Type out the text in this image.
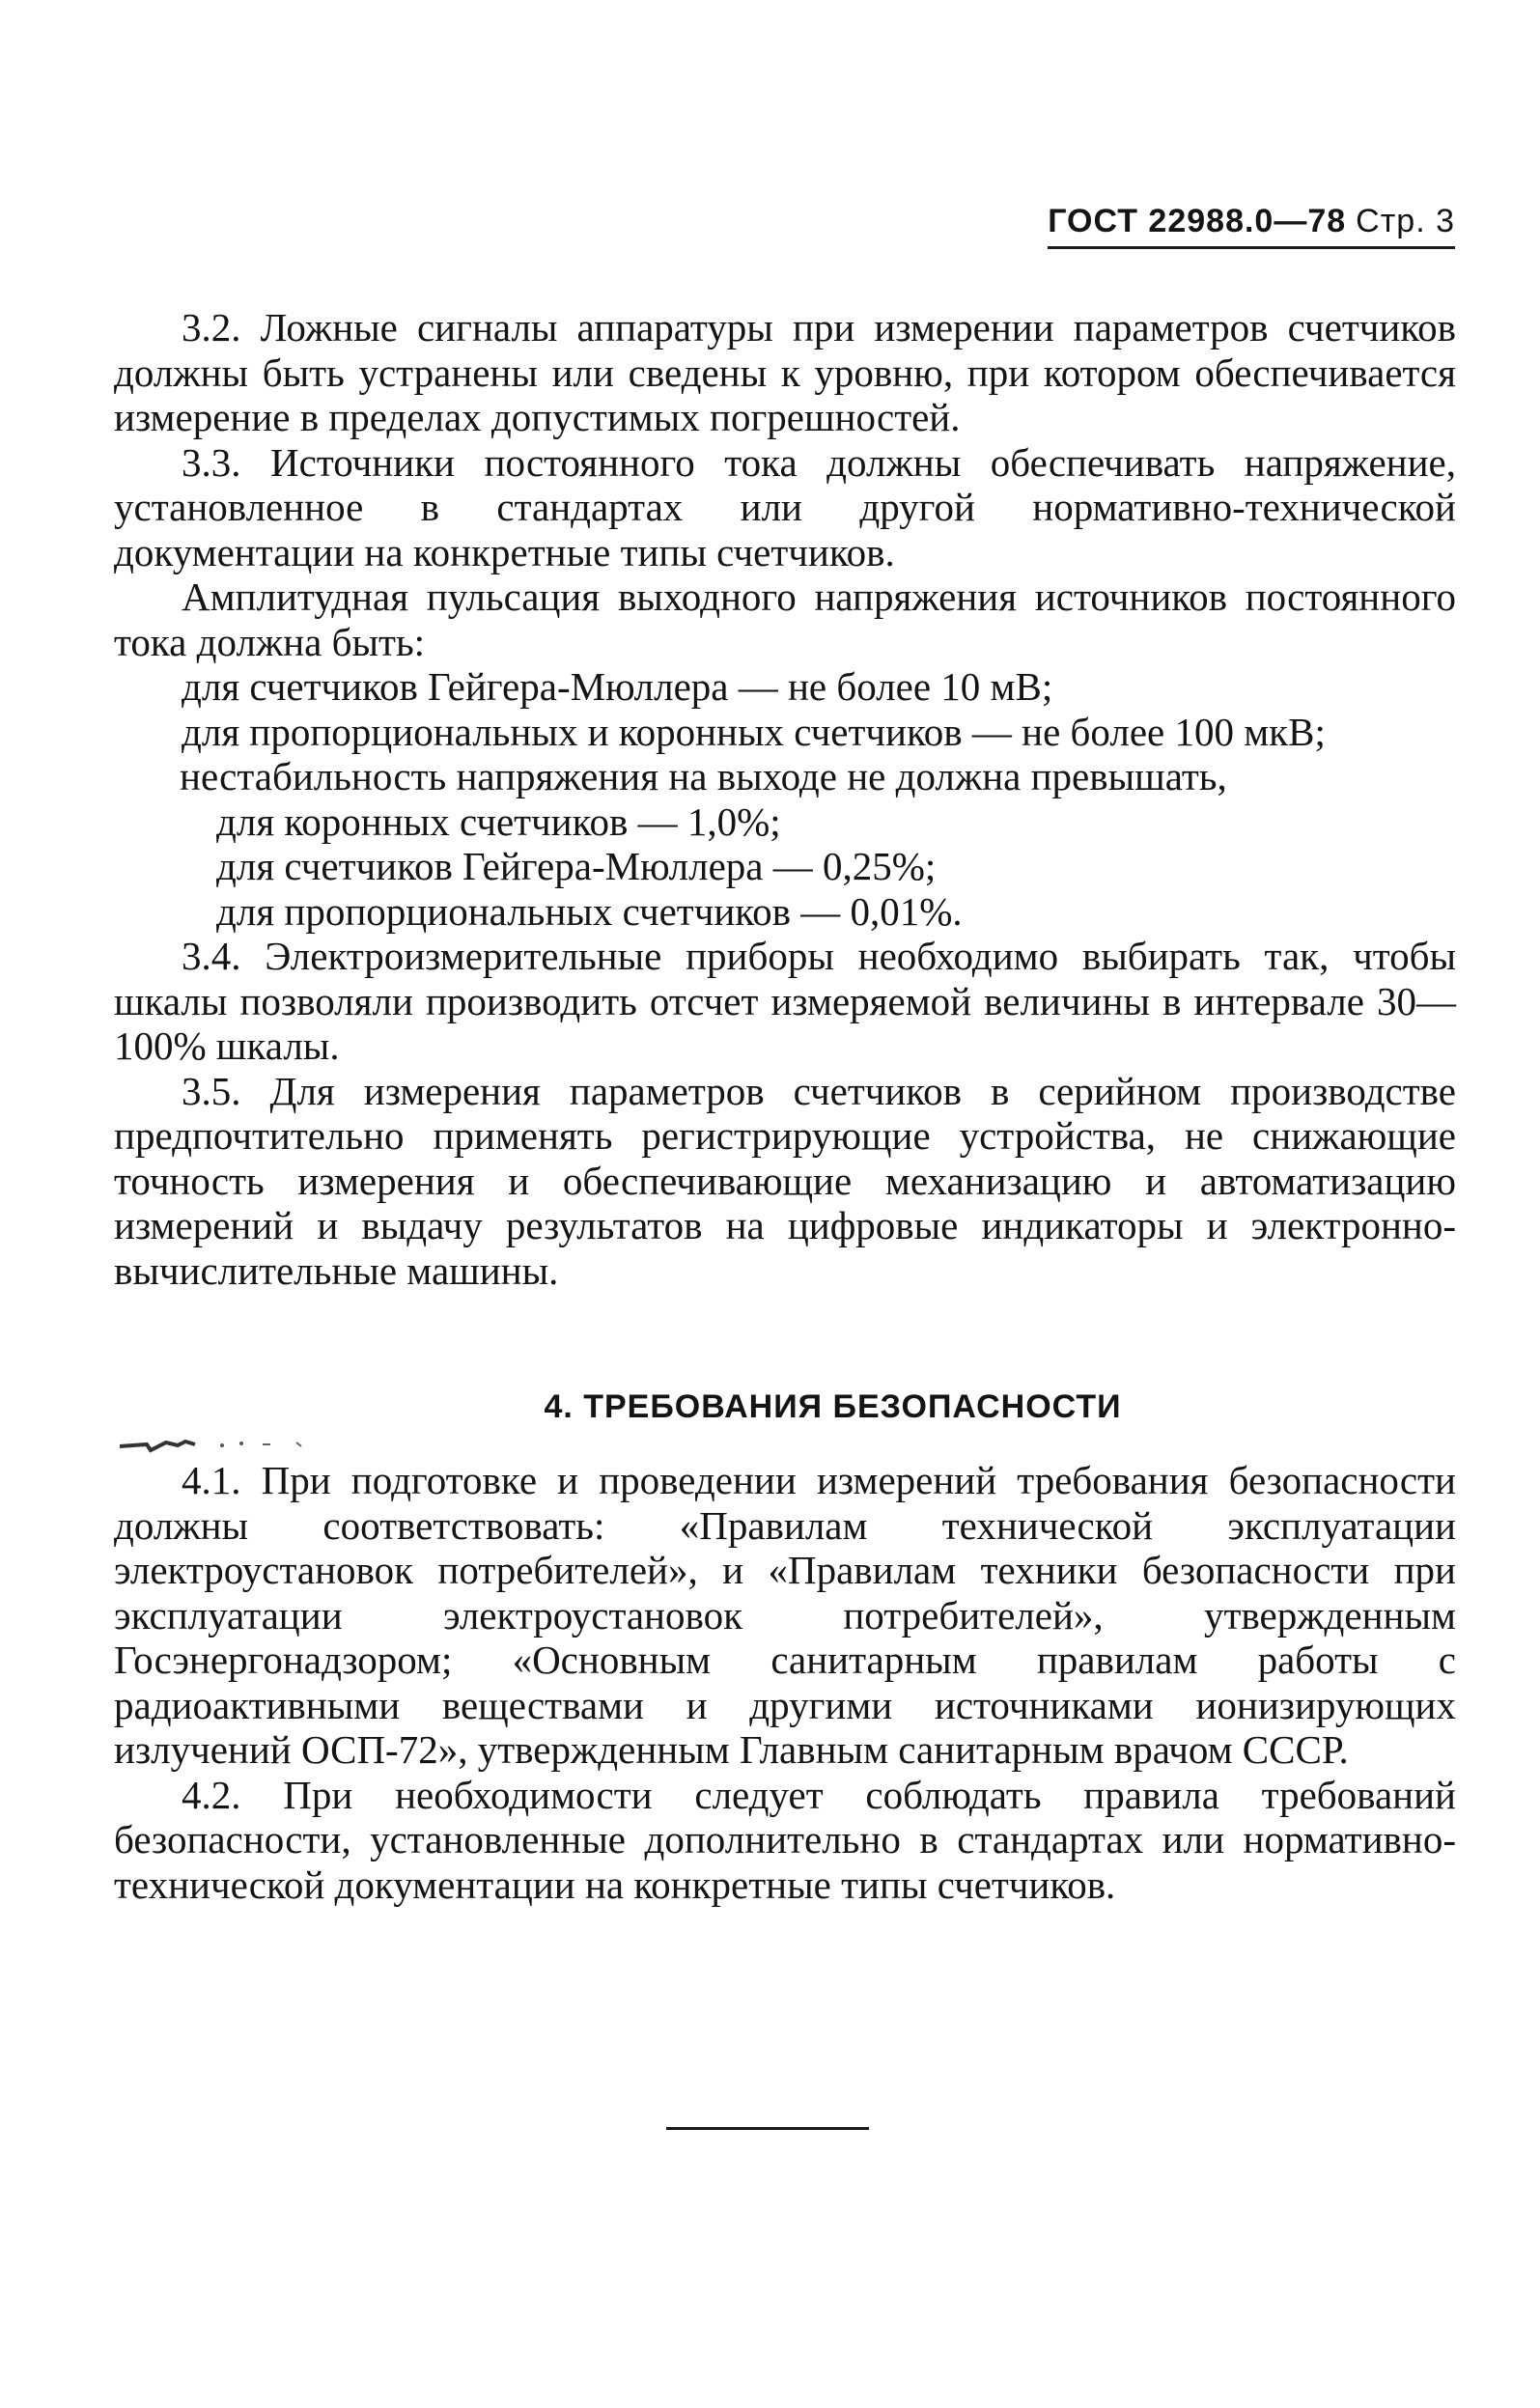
ГОСТ 22988.0—78 Стр. 3

3.2. Ложные сигналы аппаратуры при измерении параметров счетчиков должны быть устранены или сведены к уровню, при котором обеспечивается измерение в пределах допустимых погрешностей.

3.3. Источники постоянного тока должны обеспечивать напряжение, установленное в стандартах или другой нормативно-технической документации на конкретные типы счетчиков.

Амплитудная пульсация выходного напряжения источников постоянного тока должна быть:

для счетчиков Гейгера-Мюллера — не более 10 мВ;

для пропорциональных и коронных счетчиков — не более 100 мкВ;

нестабильность напряжения на выходе не должна превышать,

для коронных счетчиков — 1,0%;

для счетчиков Гейгера-Мюллера — 0,25%;

для пропорциональных счетчиков — 0,01%.

3.4. Электроизмерительные приборы необходимо выбирать так, чтобы шкалы позволяли производить отсчет измеряемой величины в интервале 30—100% шкалы.

3.5. Для измерения параметров счетчиков в серийном производстве предпочтительно применять регистрирующие устройства, не снижающие точность измерения и обеспечивающие механизацию и автоматизацию измерений и выдачу результатов на цифровые индикаторы и электронно-вычислительные машины.

4. ТРЕБОВАНИЯ БЕЗОПАСНОСТИ

4.1. При подготовке и проведении измерений требования безопасности должны соответствовать: «Правилам технической эксплуатации электроустановок потребителей», и «Правилам техники безопасности при эксплуатации электроустановок потребителей», утвержденным Госэнергонадзором; «Основным санитарным правилам работы с радиоактивными веществами и другими источниками ионизирующих излучений ОСП-72», утвержденным Главным санитарным врачом СССР.

4.2. При необходимости следует соблюдать правила требований безопасности, установленные дополнительно в стандартах или нормативно-технической документации на конкретные типы счетчиков.
